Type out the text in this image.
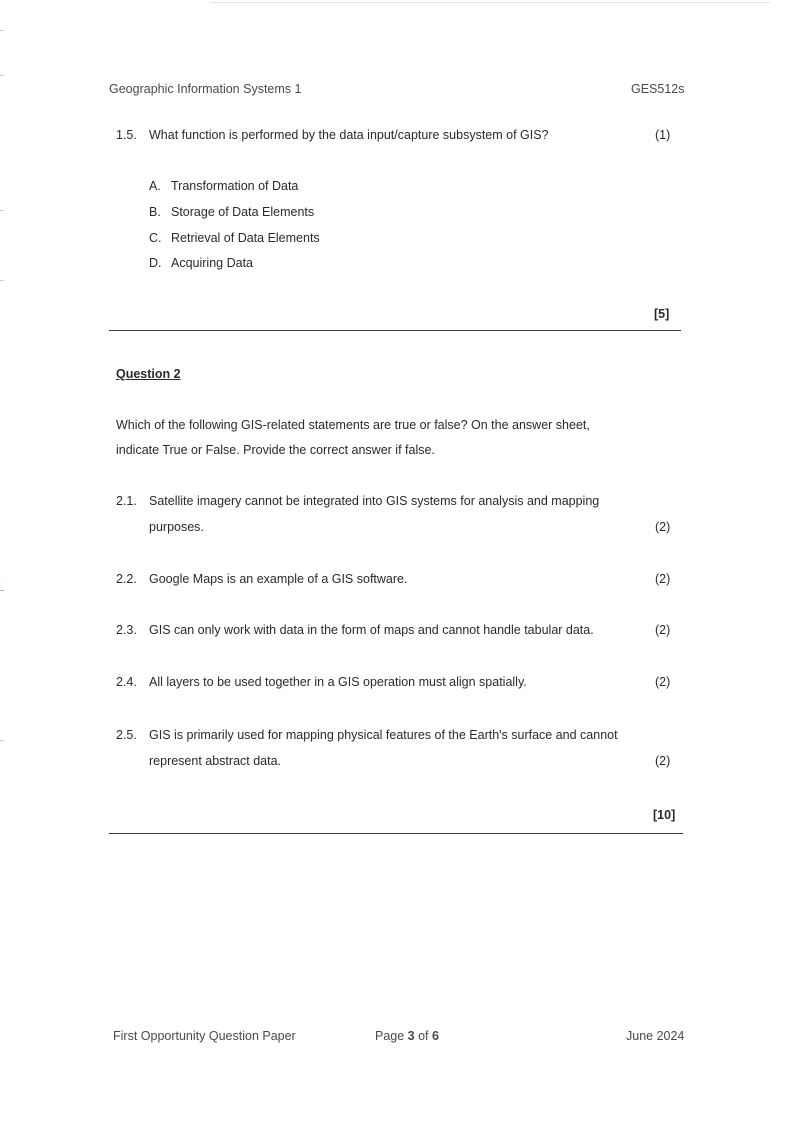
Geographic Information Systems 1	GES512s
1.5. What function is performed by the data input/capture subsystem of GIS?	(1)
A. Transformation of Data
B. Storage of Data Elements
C. Retrieval of Data Elements
D. Acquiring Data
[5]
Question 2
Which of the following GIS-related statements are true or false? On the answer sheet,
indicate True or False. Provide the correct answer if false.
2.1. Satellite imagery cannot be integrated into GIS systems for analysis and mapping
purposes.	(2)
2.2. Google Maps is an example of a GIS software.	(2)
2.3. GIS can only work with data in the form of maps and cannot handle tabular data.	(2)
2.4. All layers to be used together in a GIS operation must align spatially.	(2)
2.5. GIS is primarily used for mapping physical features of the Earth's surface and cannot
represent abstract data.	(2)
[10]
First Opportunity Question Paper	Page 3 of 6	June 2024
